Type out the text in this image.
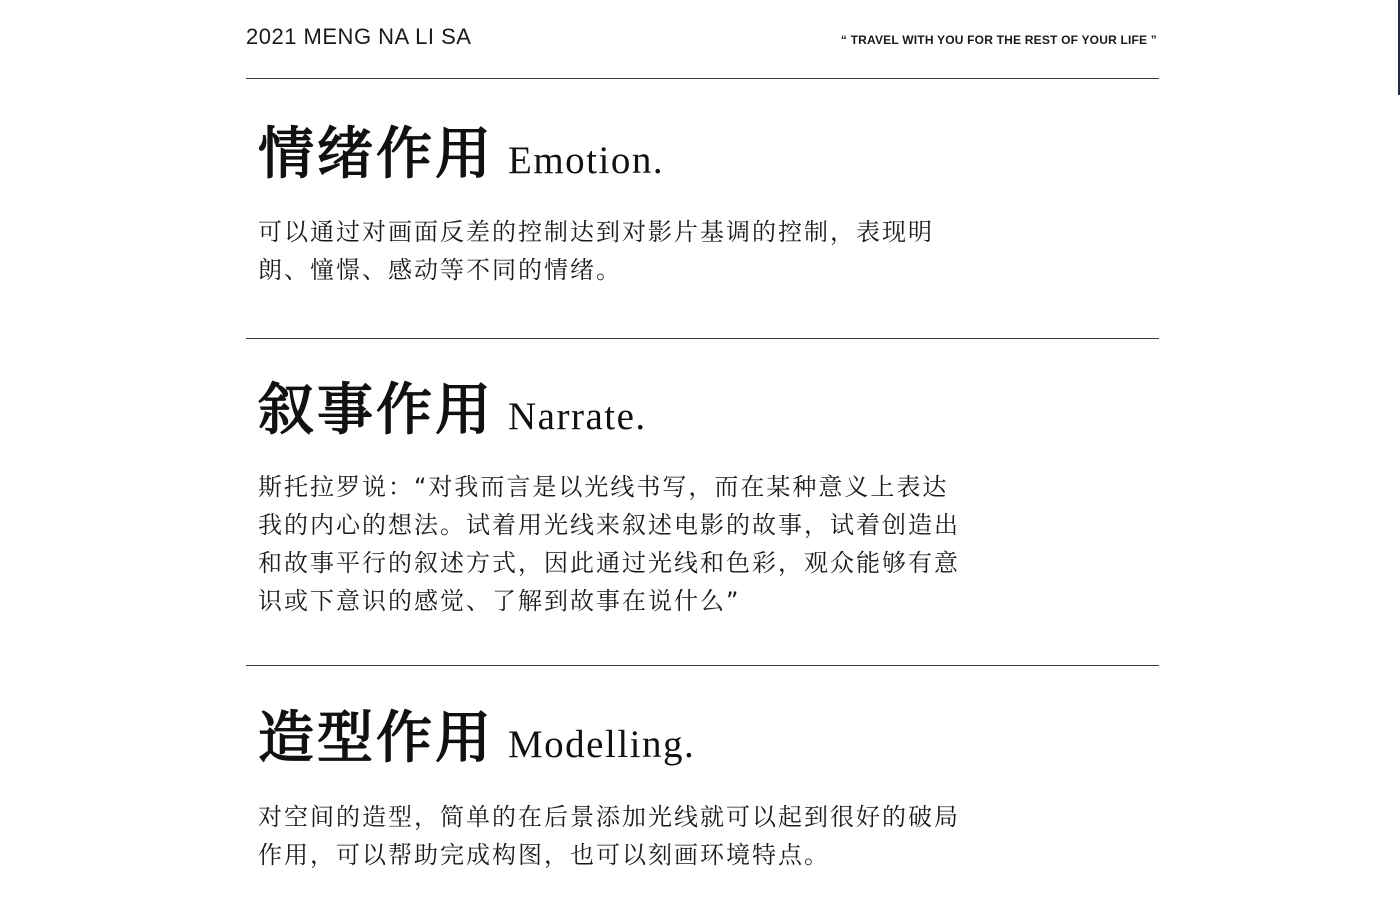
2021 MENG NA LI SA	“ TRAVEL WITH YOU FOR THE REST OF YOUR LIFE ”
情绪作用 Emotion.

可以通过对画面反差的控制达到对影片基调的控制，表现明

朗、憧憬、感动等不同的情绪。

叙事作用 Narrate.

斯托拉罗说：“对我而言是以光线书写，而在某种意义上表达

我的内心的想法。试着用光线来叙述电影的故事，试着创造出

和故事平行的叙述方式，因此通过光线和色彩，观众能够有意

识或下意识的感觉、了解到故事在说什么”

造型作用 Modelling.

对空间的造型，简单的在后景添加光线就可以起到很好的破局

作用，可以帮助完成构图，也可以刻画环境特点。
